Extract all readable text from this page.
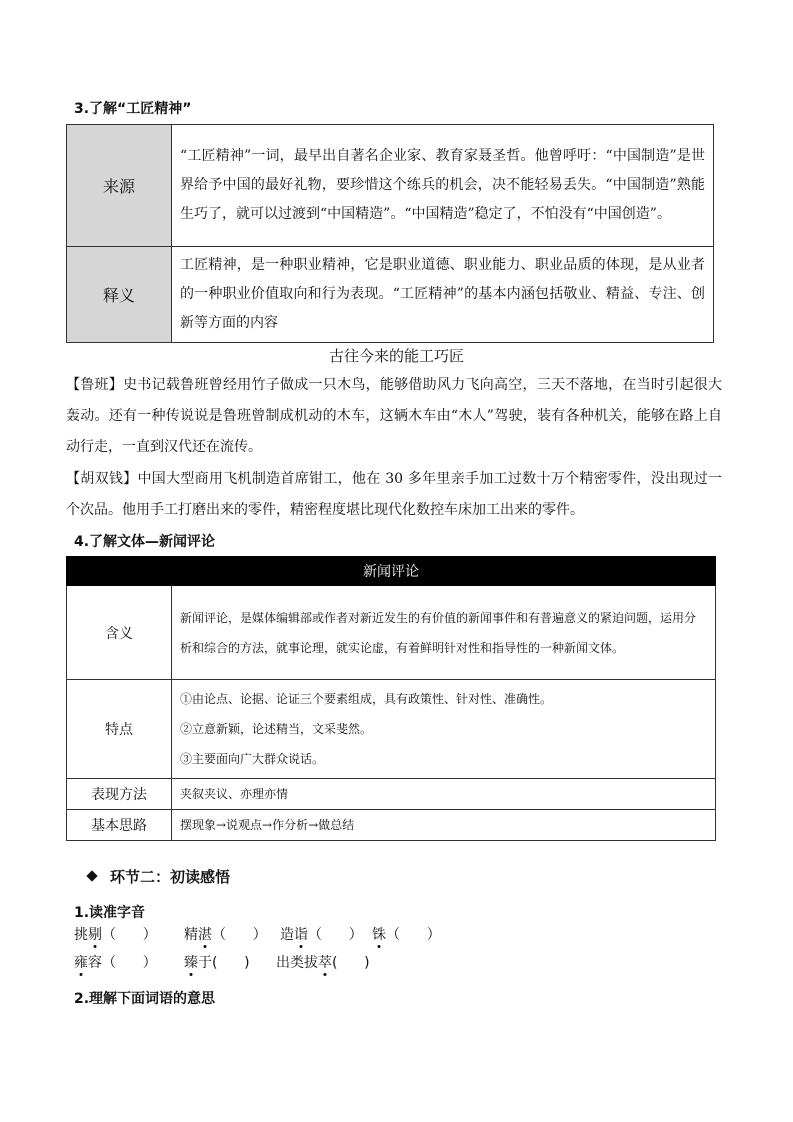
3.了解“工匠精神”
来源	“工匠精神”一词，最早出自著名企业家、教育家聂圣哲。他曾呼吁：“中国制造”是世界给予中国的最好礼物，要珍惜这个练兵的机会，决不能轻易丢失。“中国制造”熟能生巧了，就可以过渡到“中国精造”。“中国精造”稳定了，不怕没有“中国创造”。
释义	工匠精神，是一种职业精神，它是职业道德、职业能力、职业品质的体现，是从业者的一种职业价值取向和行为表现。“工匠精神”的基本内涵包括敬业、精益、专注、创新等方面的内容
古往今来的能工巧匠
【鲁班】史书记载鲁班曾经用竹子做成一只木鸟，能够借助风力飞向高空，三天不落地，在当时引起很大轰动。还有一种传说说是鲁班曾制成机动的木车，这辆木车由“木人”驾驶，装有各种机关，能够在路上自动行走，一直到汉代还在流传。
【胡双钱】中国大型商用飞机制造首席钳工，他在 30 多年里亲手加工过数十万个精密零件，没出现过一个次品。他用手工打磨出来的零件，精密程度堪比现代化数控车床加工出来的零件。
4.了解文体—新闻评论
新闻评论	
含义	新闻评论，是媒体编辑部或作者对新近发生的有价值的新闻事件和有普遍意义的紧迫问题，运用分析和综合的方法，就事论理，就实论虚，有着鲜明针对性和指导性的一种新闻文体。
特点	①由论点、论据、论证三个要素组成，具有政策性、针对性、准确性。
②立意新颖，论述精当，文采斐然。
③主要面向广大群众说话。

表现方法	夹叙夹议、亦理亦情
基本思路	摆现象→说观点→作分析→做总结
环节二：初读感悟
1.读准字音
挑剔（      ） 精湛（      ） 造诣（      ） 铢（      ）
雍容（      ） 臻于(      ) 出类拔萃(      )
2.理解下面词语的意思
